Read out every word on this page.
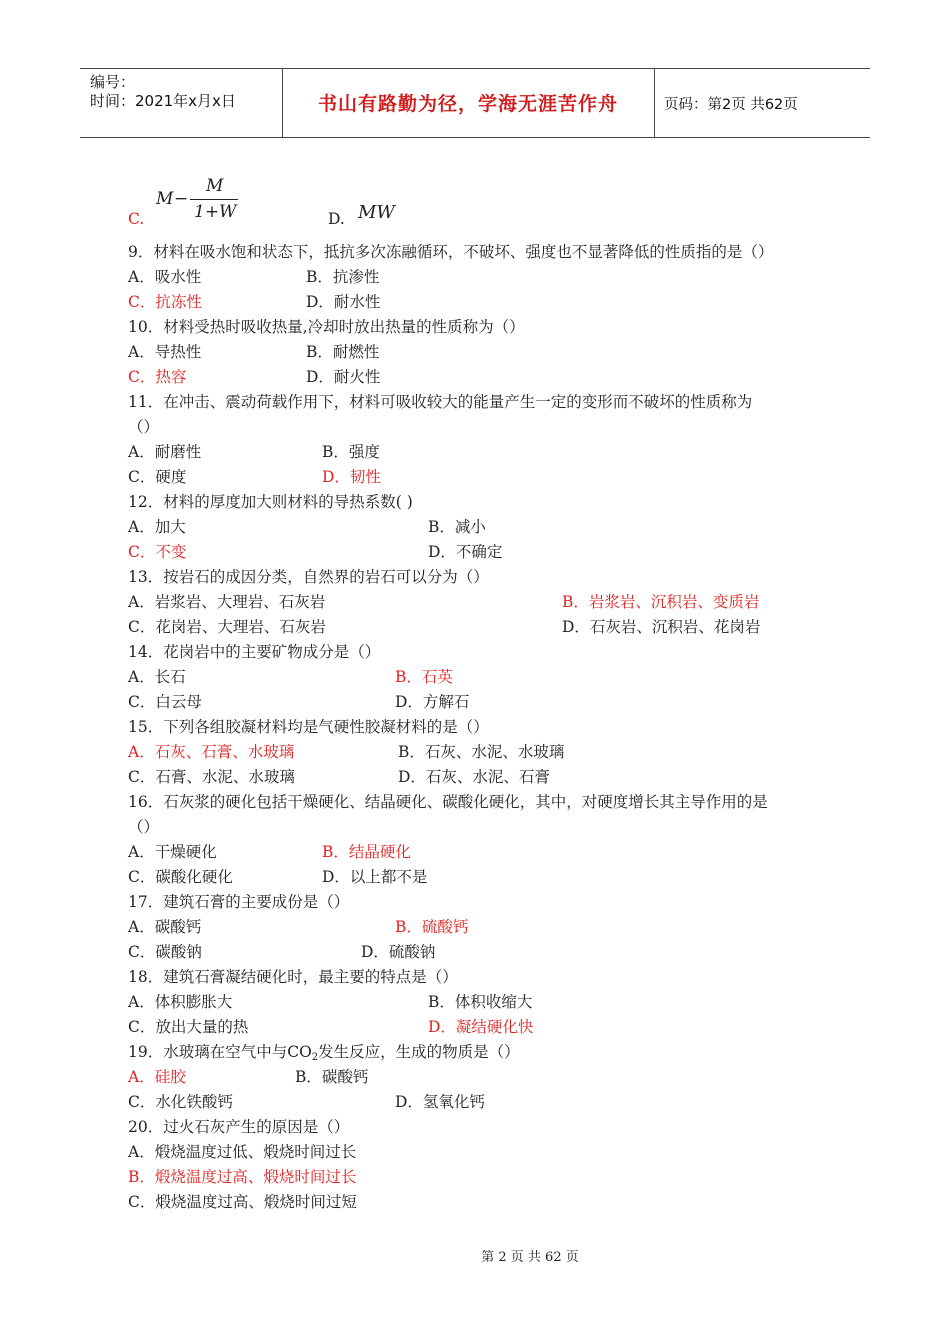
编号：
时间：2021年x月x日	书山有路勤为径，学海无涯苦作舟	页码：第2页 共62页
C.
M −
M
1+W	D. MW
9．材料在吸水饱和状态下，抵抗多次冻融循环，不破坏、强度也不显著降低的性质指的是（）
A．吸水性	B．抗渗性
C．抗冻性	D．耐水性
10．材料受热时吸收热量,冷却时放出热量的性质称为（）
A．导热性	B．耐燃性
C．热容	D．耐火性
11．在冲击、震动荷载作用下，材料可吸收较大的能量产生一定的变形而不破坏的性质称为
（）
A．耐磨性	B．强度
C．硬度	D．韧性
12．材料的厚度加大则材料的导热系数( )
A．加大	B．减小
C．不变	D．不确定
13．按岩石的成因分类，自然界的岩石可以分为（）
A．岩浆岩、大理岩、石灰岩	B．岩浆岩、沉积岩、变质岩
C．花岗岩、大理岩、石灰岩	D．石灰岩、沉积岩、花岗岩
14．花岗岩中的主要矿物成分是（）
A．长石	B．石英
C．白云母	D．方解石
15．下列各组胶凝材料均是气硬性胶凝材料的是（）
A．石灰、石膏、水玻璃	B．石灰、水泥、水玻璃
C．石膏、水泥、水玻璃	D．石灰、水泥、石膏
16．石灰浆的硬化包括干燥硬化、结晶硬化、碳酸化硬化，其中，对硬度增长其主导作用的是
（）
A．干燥硬化	B．结晶硬化
C．碳酸化硬化	D．以上都不是
17．建筑石膏的主要成份是（）
A．碳酸钙	B．硫酸钙
C．碳酸钠	D．硫酸钠
18．建筑石膏凝结硬化时，最主要的特点是（）
A．体积膨胀大	B．体积收缩大
C．放出大量的热	D．凝结硬化快
19．水玻璃在空气中与$CO_2$发生反应，生成的物质是（）
A．硅胶	B．碳酸钙
C．水化铁酸钙	D．氢氧化钙
20．过火石灰产生的原因是（）
A．煅烧温度过低、煅烧时间过长
B．煅烧温度过高、煅烧时间过长
C．煅烧温度过高、煅烧时间过短
第 2 页 共 62 页
